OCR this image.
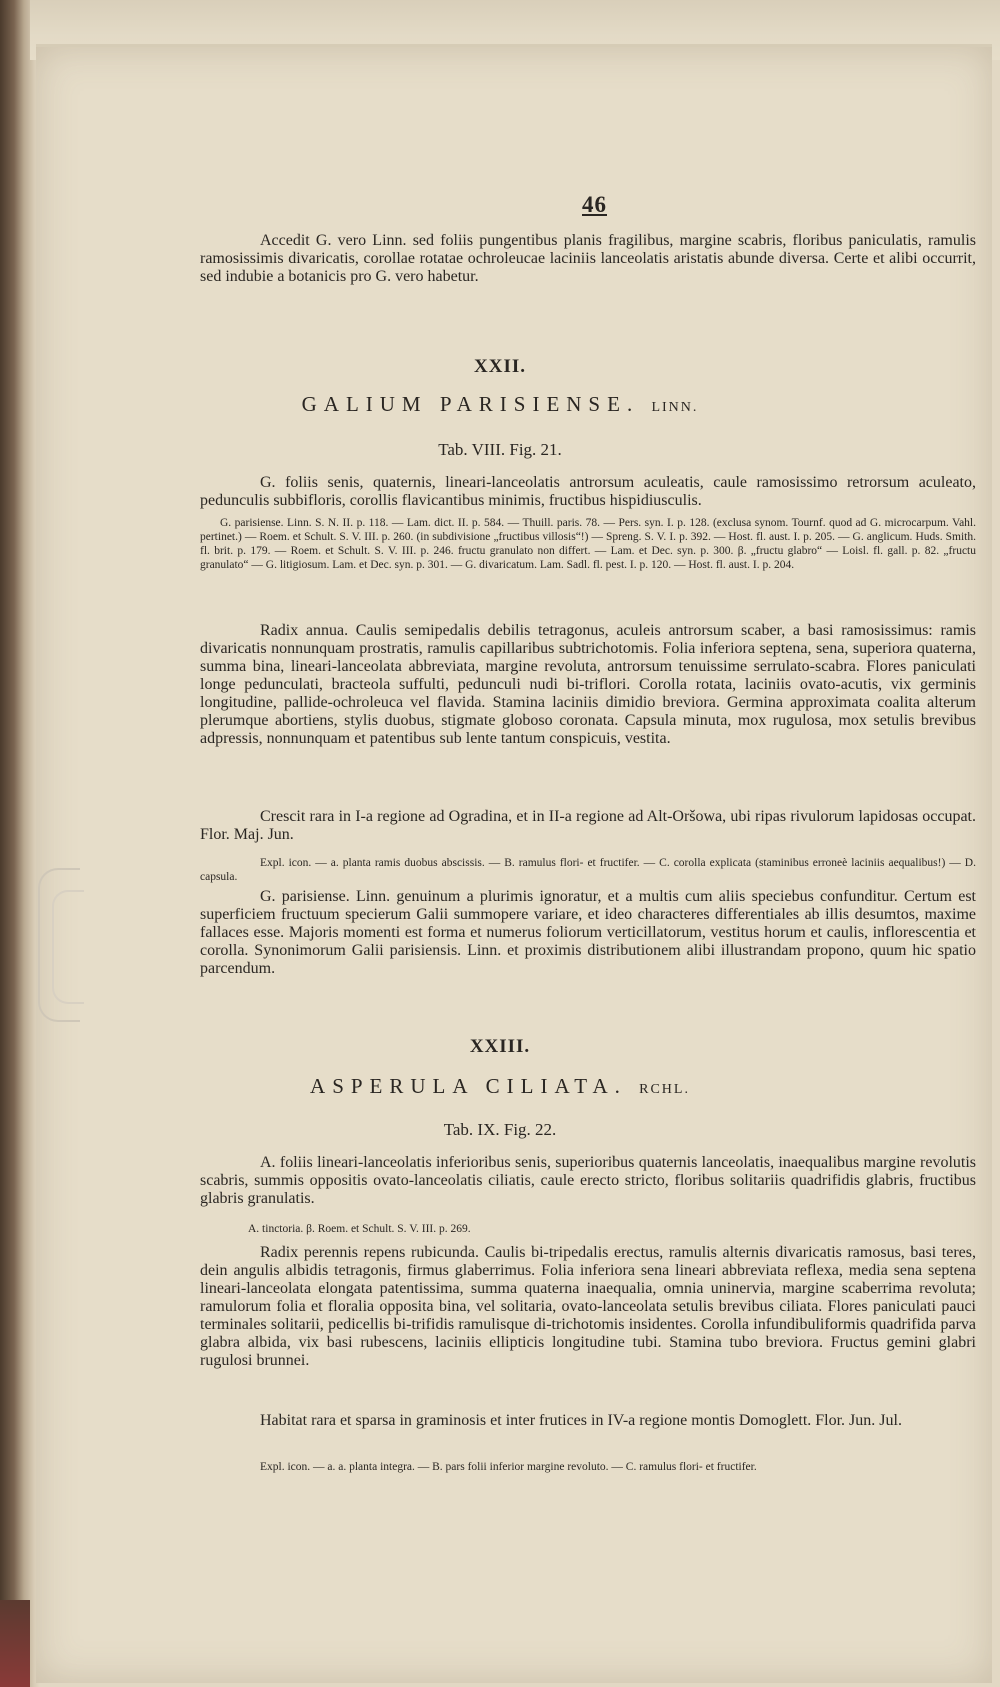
46

Accedit G. vero Linn. sed foliis pungentibus planis fragilibus, margine scabris, floribus paniculatis, ramulis ramosissimis divaricatis, corollae rotatae ochroleucae laciniis lanceolatis aristatis abunde diversa. Certe et alibi occurrit, sed indubie a botanicis pro G. vero habetur.

XXII.
GALIUM PARISIENSE. LINN.
Tab. VIII. Fig. 21.

G. foliis senis, quaternis, lineari-lanceolatis antrorsum aculeatis, caule ramosissimo retrorsum aculeato, pedunculis subbifloris, corollis flavicantibus minimis, fructibus hispidiusculis.

G. parisiense. Linn. S. N. II. p. 118. — Lam. dict. II. p. 584. — Thuill. paris. 78. — Pers. syn. I. p. 128. (exclusa synom. Tournf. quod ad G. microcarpum. Vahl. pertinet.) — Roem. et Schult. S. V. III. p. 260. (in subdivisione „fructibus villosis“!) — Spreng. S. V. I. p. 392. — Host. fl. aust. I. p. 205. — G. anglicum. Huds. Smith. fl. brit. p. 179. — Roem. et Schult. S. V. III. p. 246. fructu granulato non differt. — Lam. et Dec. syn. p. 300. β. „fructu glabro“ — Loisl. fl. gall. p. 82. „fructu granulato“ — G. litigiosum. Lam. et Dec. syn. p. 301. — G. divaricatum. Lam. Sadl. fl. pest. I. p. 120. — Host. fl. aust. I. p. 204.

Radix annua. Caulis semipedalis debilis tetragonus, aculeis antrorsum scaber, a basi ramosissimus: ramis divaricatis nonnunquam prostratis, ramulis capillaribus subtrichotomis. Folia inferiora septena, sena, superiora quaterna, summa bina, lineari-lanceolata abbreviata, margine revoluta, antrorsum tenuissime serrulato-scabra. Flores paniculati longe pedunculati, bracteola suffulti, pedunculi nudi bi-triflori. Corolla rotata, laciniis ovato-acutis, vix germinis longitudine, pallide-ochroleuca vel flavida. Stamina laciniis dimidio breviora. Germina approximata coalita alterum plerumque abortiens, stylis duobus, stigmate globoso coronata. Capsula minuta, mox rugulosa, mox setulis brevibus adpressis, nonnunquam et patentibus sub lente tantum conspicuis, vestita.

Crescit rara in I-a regione ad Ogradina, et in II-a regione ad Alt-Oršowa, ubi ripas rivulorum lapidosas occupat. Flor. Maj. Jun.

Expl. icon. — a. planta ramis duobus abscissis. — B. ramulus flori- et fructifer. — C. corolla explicata (staminibus erroneè laciniis aequalibus!) — D. capsula.

G. parisiense. Linn. genuinum a plurimis ignoratur, et a multis cum aliis speciebus confunditur. Certum est superficiem fructuum specierum Galii summopere variare, et ideo characteres differentiales ab illis desumtos, maxime fallaces esse. Majoris momenti est forma et numerus foliorum verticillatorum, vestitus horum et caulis, inflorescentia et corolla. Synonimorum Galii parisiensis. Linn. et proximis distributionem alibi illustrandam propono, quum hic spatio parcendum.

XXIII.
ASPERULA CILIATA. RCHL.
Tab. IX. Fig. 22.

A. foliis lineari-lanceolatis inferioribus senis, superioribus quaternis lanceolatis, inaequalibus margine revolutis scabris, summis oppositis ovato-lanceolatis ciliatis, caule erecto stricto, floribus solitariis quadrifidis glabris, fructibus glabris granulatis.

A. tinctoria. β. Roem. et Schult. S. V. III. p. 269.

Radix perennis repens rubicunda. Caulis bi-tripedalis erectus, ramulis alternis divaricatis ramosus, basi teres, dein angulis albidis tetragonis, firmus glaberrimus. Folia inferiora sena lineari abbreviata reflexa, media sena septena lineari-lanceolata elongata patentissima, summa quaterna inaequalia, omnia uninervia, margine scaberrima revoluta; ramulorum folia et floralia opposita bina, vel solitaria, ovato-lanceolata setulis brevibus ciliata. Flores paniculati pauci terminales solitarii, pedicellis bi-trifidis ramulisque di-trichotomis insidentes. Corolla infundibuliformis quadrifida parva glabra albida, vix basi rubescens, laciniis ellipticis longitudine tubi. Stamina tubo breviora. Fructus gemini glabri rugulosi brunnei.

Habitat rara et sparsa in graminosis et inter frutices in IV-a regione montis Domoglett. Flor. Jun. Jul.

Expl. icon. — a. a. planta integra. — B. pars folii inferior margine revoluto. — C. ramulus flori- et fructifer.
